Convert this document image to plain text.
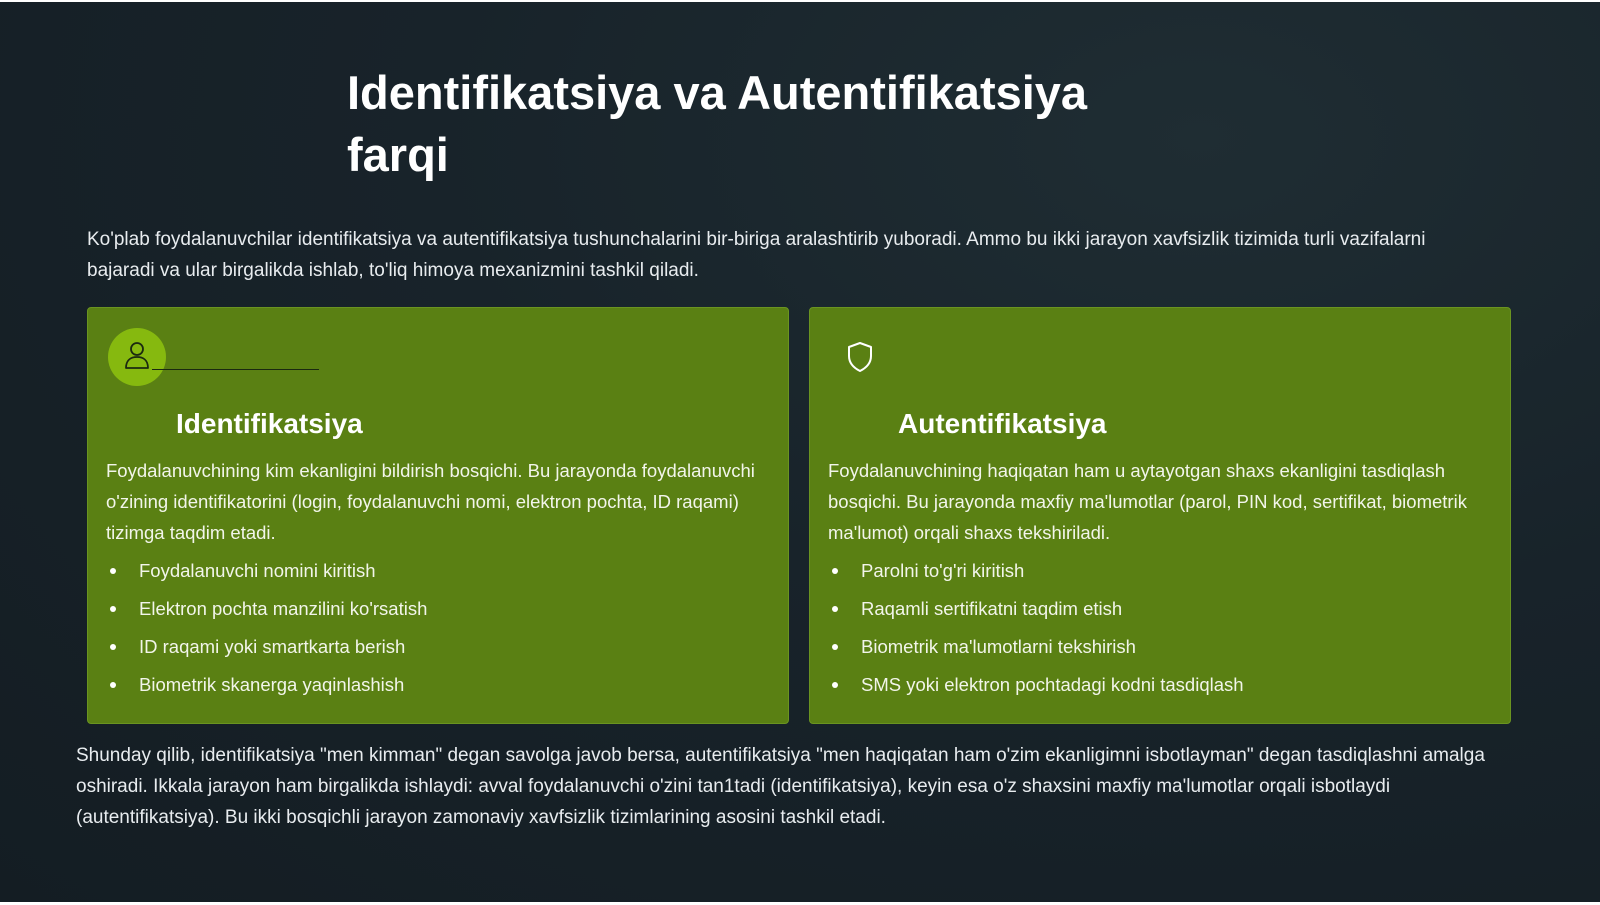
Identifikatsiya va Autentifikatsiya farqi

Ko'plab foydalanuvchilar identifikatsiya va autentifikatsiya tushunchalarini bir-biriga aralashtirib yuboradi. Ammo bu ikki jarayon xavfsizlik tizimida turli vazifalarni bajaradi va ular birgalikda ishlab, to'liq himoya mexanizmini tashkil qiladi.

Identifikatsiya

Foydalanuvchining kim ekanligini bildirish bosqichi. Bu jarayonda foydalanuvchi o'zining identifikatorini (login, foydalanuvchi nomi, elektron pochta, ID raqami) tizimga taqdim etadi.

Foydalanuvchi nomini kiritish
Elektron pochta manzilini ko'rsatish
ID raqami yoki smartkarta berish
Biometrik skanerga yaqinlashish
Autentifikatsiya

Foydalanuvchining haqiqatan ham u aytayotgan shaxs ekanligini tasdiqlash bosqichi. Bu jarayonda maxfiy ma'lumotlar (parol, PIN kod, sertifikat, biometrik ma'lumot) orqali shaxs tekshiriladi.

Parolni to'g'ri kiritish
Raqamli sertifikatni taqdim etish
Biometrik ma'lumotlarni tekshirish
SMS yoki elektron pochtadagi kodni tasdiqlash

Shunday qilib, identifikatsiya "men kimman" degan savolga javob bersa, autentifikatsiya "men haqiqatan ham o'zim ekanligimni isbotlayman" degan tasdiqlashni amalga oshiradi. Ikkala jarayon ham birgalikda ishlaydi: avval foydalanuvchi o'zini tan1tadi (identifikatsiya), keyin esa o'z shaxsini maxfiy ma'lumotlar orqali isbotlaydi (autentifikatsiya). Bu ikki bosqichli jarayon zamonaviy xavfsizlik tizimlarining asosini tashkil etadi.
